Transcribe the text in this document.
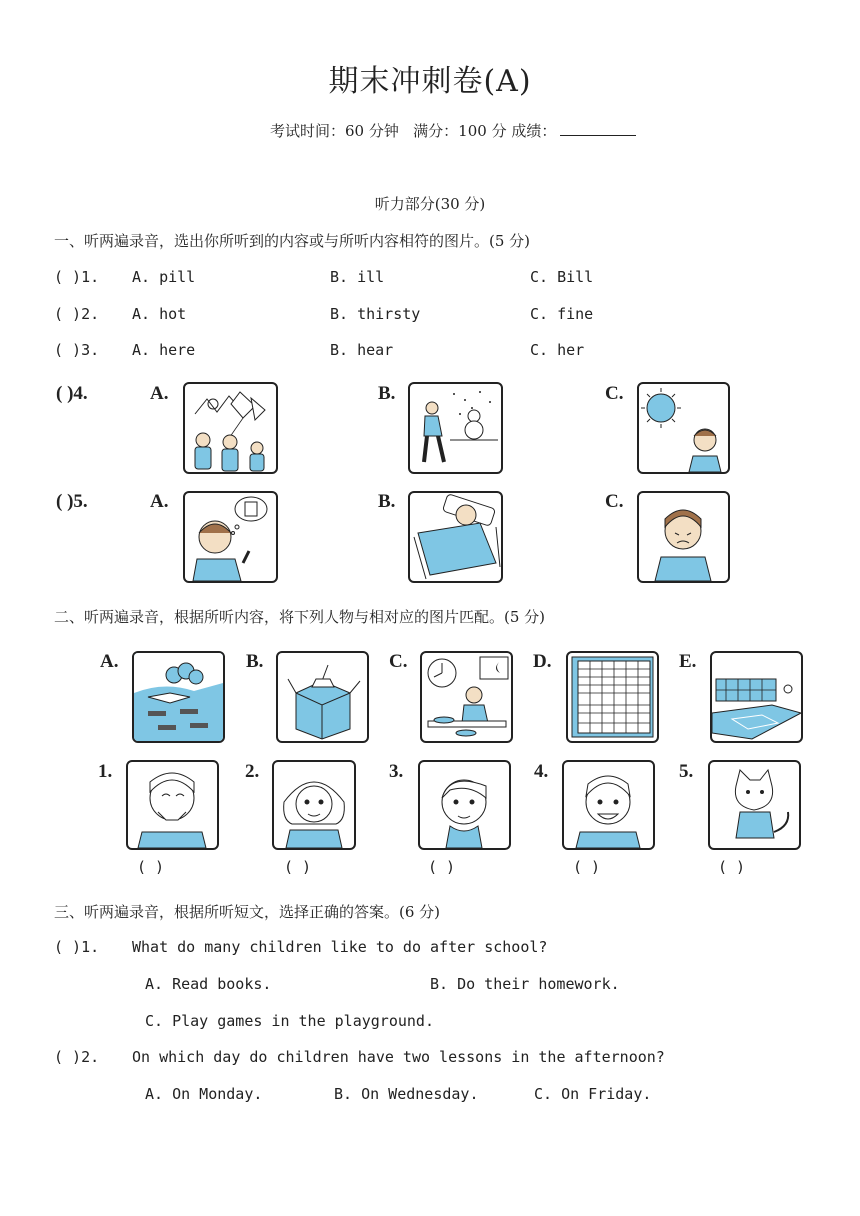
期末冲刺卷(A)
考试时间：60 分钟 满分：100 分 成绩：
听力部分(30 分)
一、听两遍录音，选出你所听到的内容或与所听内容相符的图片。(5 分)
( )1. A. pill	B. ill	C. Bill
( )2. A. hot	B. thirsty	C. fine
( )3. A. here	B. hear	C. her
( )4.	A.	B.	C.
( )5.	A.	B.	C.
二、听两遍录音，根据所听内容，将下列人物与相对应的图片匹配。(5 分)
A.	B.	C.	D.	E.
1.	2.	3.	4.	5.
( )	( )	( )	( )	( )
三、听两遍录音，根据所听短文，选择正确的答案。(6 分)
( )1. What do many children like to do after school?
A. Read books.	B. Do their homework.
C. Play games in the playground.
( )2. On which day do children have two lessons in the afternoon?
A. On Monday.	B. On Wednesday.	C. On Friday.
